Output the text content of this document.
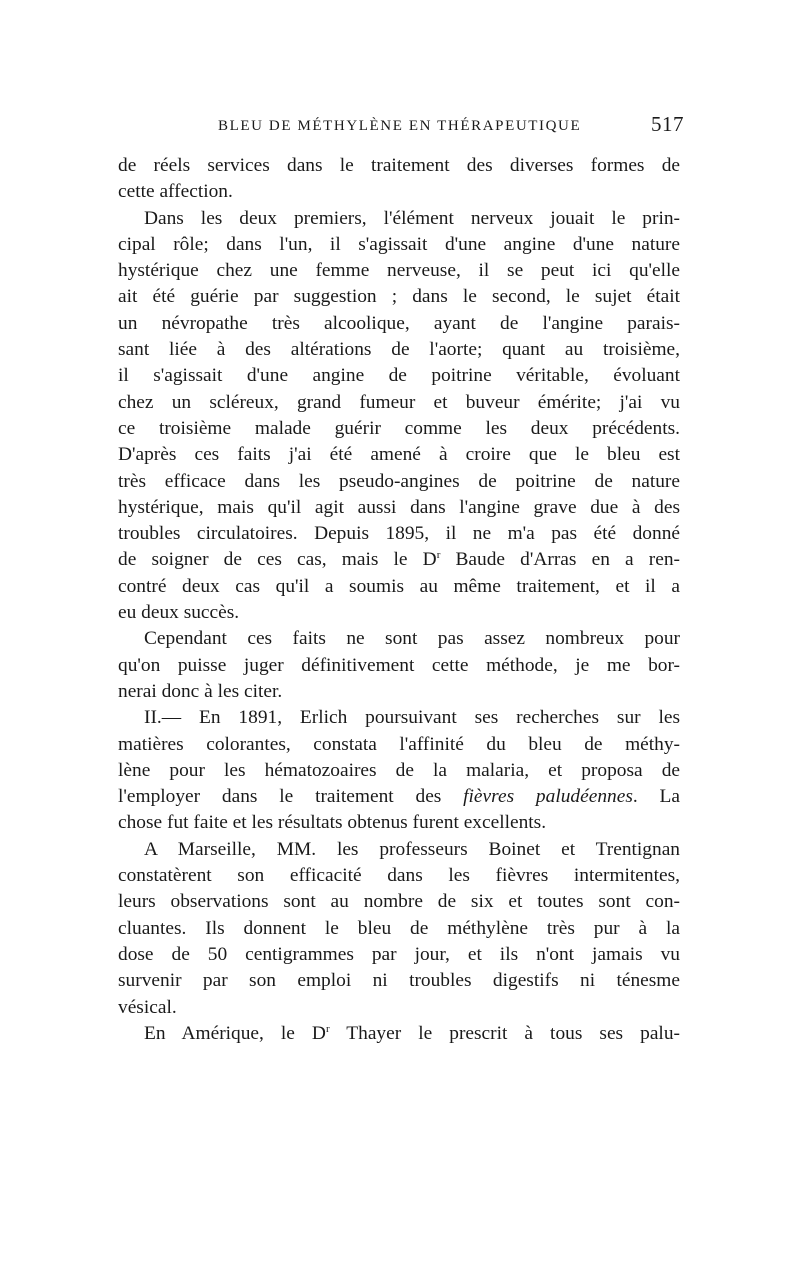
BLEU DE MÉTHYLÈNE EN THÉRAPEUTIQUE	517
de réels services dans le traitement des diverses formes de
cette affection.
Dans les deux premiers, l'élément nerveux jouait le prin-
cipal rôle; dans l'un, il s'agissait d'une angine d'une nature
hystérique chez une femme nerveuse, il se peut ici qu'elle
ait été guérie par suggestion ; dans le second, le sujet était
un névropathe très alcoolique, ayant de l'angine parais-
sant liée à des altérations de l'aorte; quant au troisième,
il s'agissait d'une angine de poitrine véritable, évoluant
chez un scléreux, grand fumeur et buveur émérite; j'ai vu
ce troisième malade guérir comme les deux précédents.
D'après ces faits j'ai été amené à croire que le bleu est
très efficace dans les pseudo-angines de poitrine de nature
hystérique, mais qu'il agit aussi dans l'angine grave due à des
troubles circulatoires. Depuis 1895, il ne m'a pas été donné
de soigner de ces cas, mais le $D^r$ Baude d'Arras en a ren-
contré deux cas qu'il a soumis au même traitement, et il a
eu deux succès.
Cependant ces faits ne sont pas assez nombreux pour
qu'on puisse juger définitivement cette méthode, je me bor-
nerai donc à les citer.
II.— En 1891, Erlich poursuivant ses recherches sur les
matières colorantes, constata l'affinité du bleu de méthy-
lène pour les hématozoaires de la malaria, et proposa de
l'employer dans le traitement des fièvres paludéennes. La
chose fut faite et les résultats obtenus furent excellents.
A Marseille, MM. les professeurs Boinet et Trentignan
constatèrent son efficacité dans les fièvres intermitentes,
leurs observations sont au nombre de six et toutes sont con-
cluantes. Ils donnent le bleu de méthylène très pur à la
dose de 50 centigrammes par jour, et ils n'ont jamais vu
survenir par son emploi ni troubles digestifs ni ténesme
vésical.
En Amérique, le $D^r$ Thayer le prescrit à tous ses palu-
